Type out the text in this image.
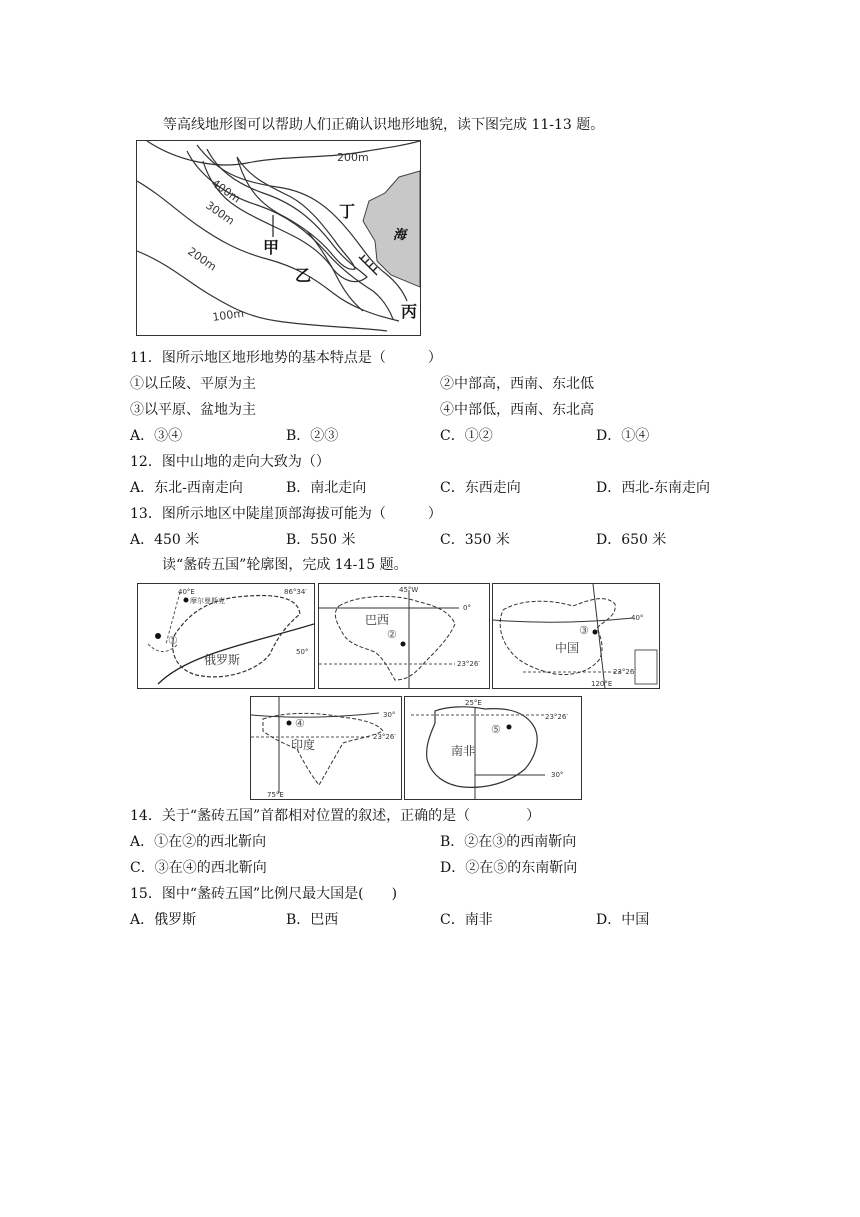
等高线地形图可以帮助人们正确认识地形地貌，读下图完成 11-13 题。
200m
400m
300m
200m
100m
丁
海
甲
乙
丙
11．图所示地区地形地势的基本特点是（　　　）
①以丘陵、平原为主	②中部高，西南、东北低
③以平原、盆地为主	④中部低，西南、东北高
A．③④	B．②③	C．①②	D．①④
12．图中山地的走向大致为（）
A．东北-西南走向	B．南北走向	C．东西走向	D．西北-东南走向
13．图所示地区中陡崖顶部海拔可能为（　　　）
A．450 米	B．550 米	C．350 米	D．650 米
读“盠砖五国”轮廓图，完成 14-15 题。
40°E	86°34′
摩尔曼斯克
50°
①
俄罗斯
45°W
0°
23°26′
巴西
②
40°
23°26′
120°E
③
中国
30°
23°26′
75°E
④
印度
25°E
23°26′
30°
⑤
南非
14．关于“盠砖五国”首都相对位置的叙述，正确的是（　　　　）
A．①在②的西北靳向	B．②在③的西南靳向
C．③在④的西北靳向	D．②在⑤的东南靳向
15．图中“盠砖五国”比例尺最大国是(　　)
A．俄罗斯	B．巴西	C．南非	D．中国
